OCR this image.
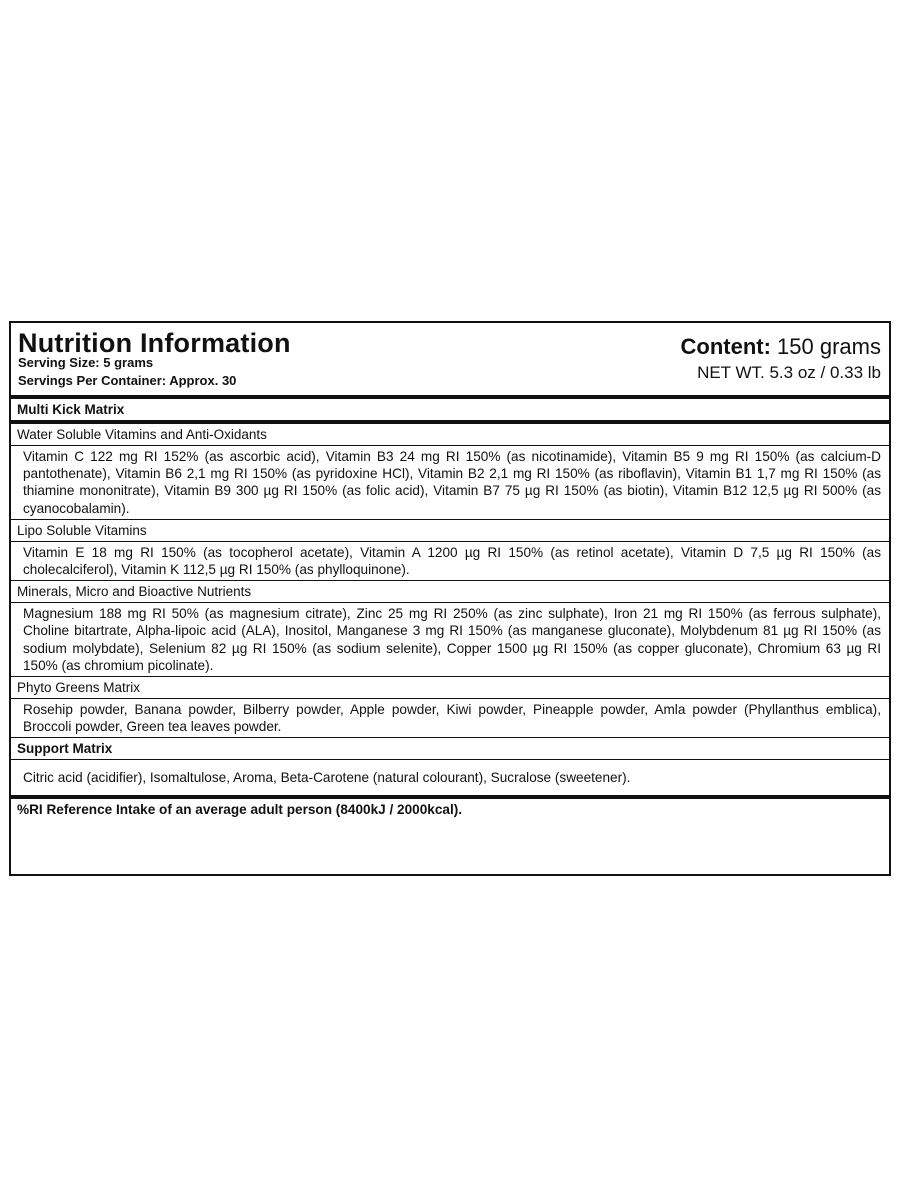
Nutrition Information
Serving Size: 5 grams
Servings Per Container: Approx. 30
Content: 150 grams
NET WT. 5.3 oz / 0.33 lb
Multi Kick Matrix
Water Soluble Vitamins and Anti-Oxidants
Vitamin C 122 mg RI 152% (as ascorbic acid), Vitamin B3 24 mg RI 150% (as nicotinamide), Vitamin B5 9 mg RI 150% (as calcium-D pantothenate), Vitamin B6 2,1 mg RI 150% (as pyridoxine HCl), Vitamin B2 2,1 mg RI 150% (as riboflavin), Vitamin B1 1,7 mg RI 150% (as thiamine mononitrate), Vitamin B9 300 µg RI 150% (as folic acid), Vitamin B7 75 µg RI 150% (as biotin), Vitamin B12 12,5 µg RI 500% (as cyanocobalamin).
Lipo Soluble Vitamins
Vitamin E 18 mg RI 150% (as tocopherol acetate), Vitamin A 1200 µg RI 150% (as retinol acetate), Vitamin D 7,5 µg RI 150% (as cholecalciferol), Vitamin K 112,5 µg RI 150% (as phylloquinone).
Minerals, Micro and Bioactive Nutrients
Magnesium 188 mg RI 50% (as magnesium citrate), Zinc 25 mg RI 250% (as zinc sulphate), Iron 21 mg RI 150% (as ferrous sulphate), Choline bitartrate, Alpha-lipoic acid (ALA), Inositol, Manganese 3 mg RI 150% (as manganese gluconate), Molybdenum 81 µg RI 150% (as sodium molybdate), Selenium 82 µg RI 150% (as sodium selenite), Copper 1500 µg RI 150% (as copper gluconate), Chromium 63 µg RI 150% (as chromium picolinate).
Phyto Greens Matrix
Rosehip powder, Banana powder, Bilberry powder, Apple powder, Kiwi powder, Pineapple powder, Amla powder (Phyllanthus emblica), Broccoli powder, Green tea leaves powder.
Support Matrix
Citric acid (acidifier), Isomaltulose, Aroma, Beta-Carotene (natural colourant), Sucralose (sweetener).
%RI Reference Intake of an average adult person (8400kJ / 2000kcal).
